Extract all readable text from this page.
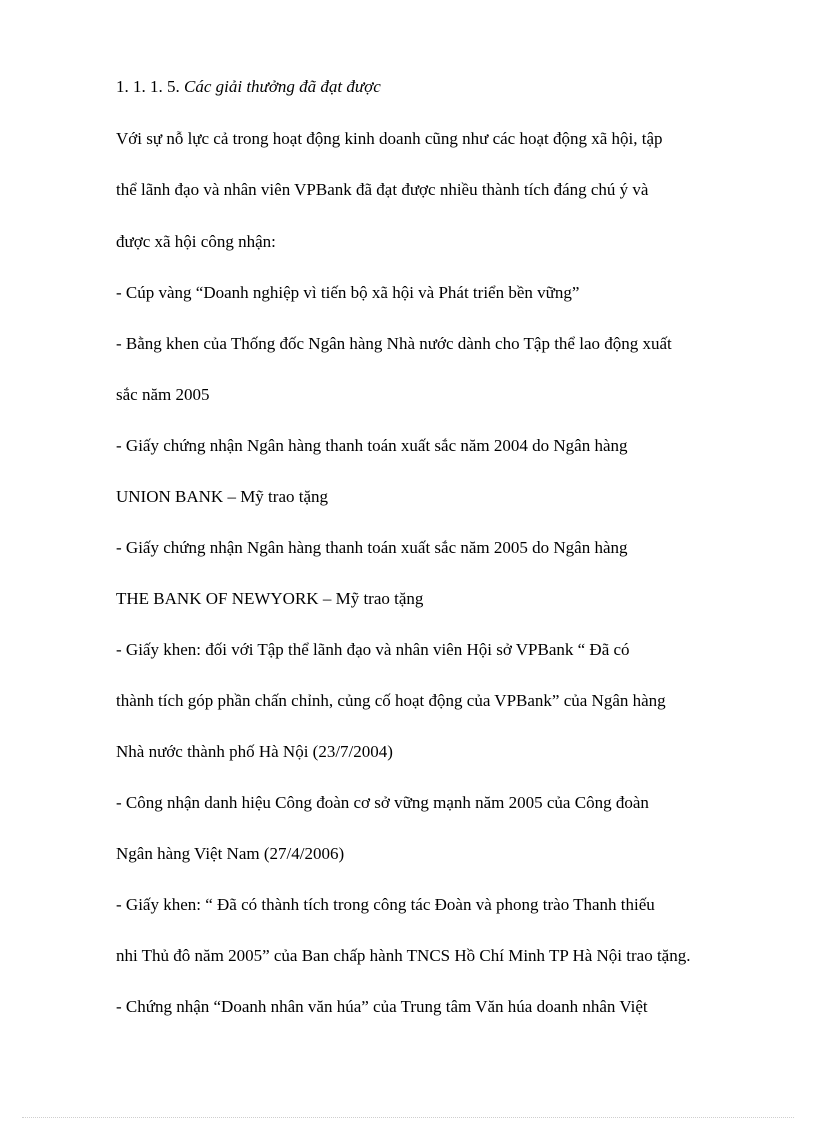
1. 1. 1. 5. Các giải thưởng đã đạt được
Với sự nỗ lực cả trong hoạt động kinh doanh cũng như các hoạt động xã hội, tập
thể lãnh đạo và nhân viên VPBank đã đạt được nhiều thành tích đáng chú ý và
được xã hội công nhận:
- Cúp vàng “Doanh nghiệp vì tiến bộ xã hội và Phát triển bền vững”
- Bằng khen của Thống đốc Ngân hàng Nhà nước dành cho Tập thể lao động xuất
sắc năm 2005
- Giấy chứng nhận Ngân hàng thanh toán xuất sắc năm 2004 do Ngân hàng
UNION BANK – Mỹ trao tặng
- Giấy chứng nhận Ngân hàng thanh toán xuất sắc năm 2005 do Ngân hàng
THE BANK OF NEWYORK – Mỹ trao tặng
- Giấy khen: đối với Tập thể lãnh đạo và nhân viên Hội sở VPBank “ Đã có
thành tích góp phần chấn chỉnh, củng cố hoạt động của VPBank” của Ngân hàng
Nhà nước thành phố Hà Nội (23/7/2004)
- Công nhận danh hiệu Công đoàn cơ sở vững mạnh năm 2005 của Công đoàn
Ngân hàng Việt Nam (27/4/2006)
- Giấy khen: “ Đã có thành tích trong công tác Đoàn và phong trào Thanh thiếu
nhi Thủ đô năm 2005” của Ban chấp hành TNCS Hồ Chí Minh TP Hà Nội trao tặng.
- Chứng nhận “Doanh nhân văn húa” của Trung tâm Văn húa doanh nhân Việt
